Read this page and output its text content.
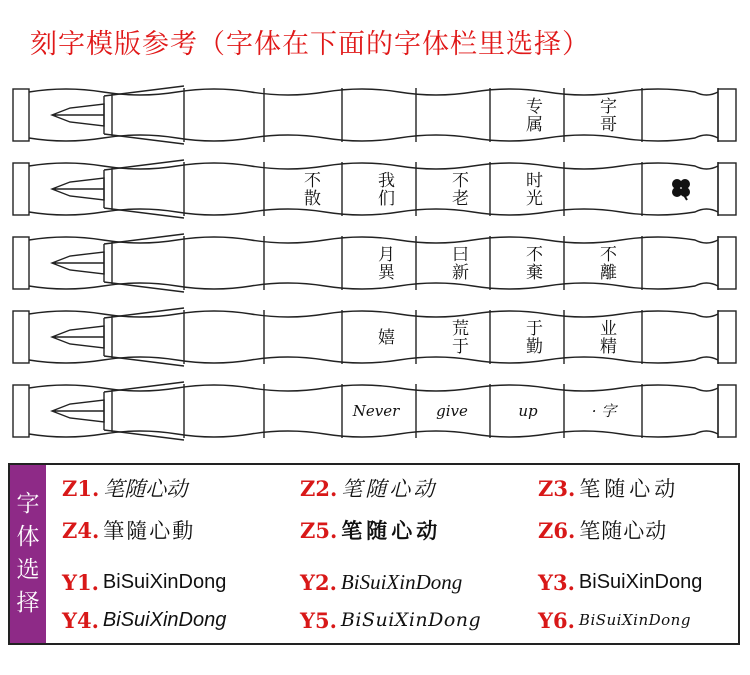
刻字模版参考（字体在下面的字体栏里选择）
字哥
专属
时光
不老
我们
不散
不離
不棄
曰新
月異
业精
于勤
荒于
嬉
· 字
up
give
Never
字
体
选
择
Z1. 笔随心动	Z2. 笔随心动	Z3. 笔随心动
Z4. 筆隨心動	Z5. 笔随心动	Z6. 笔随心动
Y1. BiSuiXinDong	Y2. BiSuiXinDong	Y3. BiSuiXinDong
Y4. BiSuiXinDong	Y5. BiSuiXinDong	Y6. BiSuiXinDong
